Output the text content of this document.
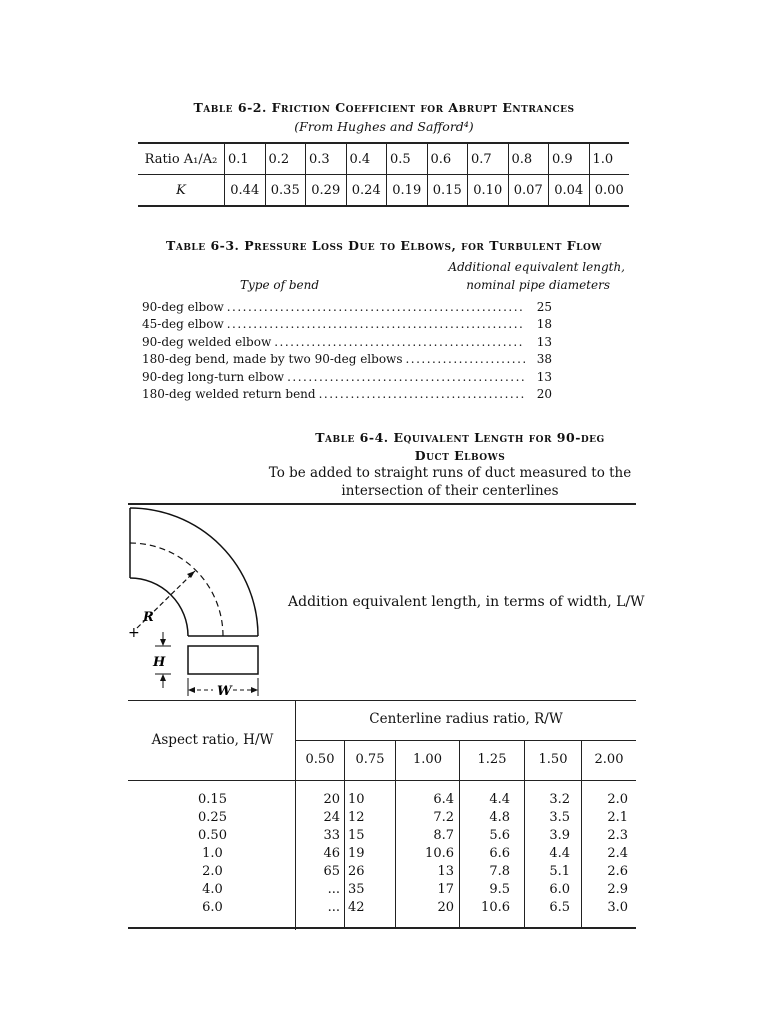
Table 6-2. Friction Coefficient for Abrupt Entrances
(From Hughes and Safford⁴)
Ratio A₁/A₂	0.1	0.2	0.3	0.4	0.5	0.6	0.7	0.8	0.9	1.0
K	0.44	0.35	0.29	0.24	0.19	0.15	0.10	0.07	0.04	0.00
Table 6-3. Pressure Loss Due to Elbows, for Turbulent Flow
Additional equivalent length,
nominal pipe diameters
Type of bend
90-deg elbow .....	25
45-deg elbow .....	18
90-deg welded elbow .....	13
180-deg bend, made by two 90-deg elbows .....	38
90-deg long-turn elbow .....	13
180-deg welded return bend .....	20
Table 6-4. Equivalent Length for 90-deg
Duct Elbows
To be added to straight runs of duct measured to the
intersection of their centerlines
R
+
H
W
Addition equivalent length, in terms of width, L/W
Aspect ratio, H/W
Centerline radius ratio, R/W
0.50	0.75	1.00	1.25	1.50	2.00
0.15	20 10	6.4	4.4	3.2	2.0
0.25	24 12	7.2	4.8	3.5	2.1
0.50	33 15	8.7	5.6	3.9	2.3
1.0	46 19	10.6	6.6	4.4	2.4
2.0	65 26	13	7.8	5.1	2.6
4.0	... 35	17	9.5	6.0	2.9
6.0	... 42	20	10.6	6.5	3.0
